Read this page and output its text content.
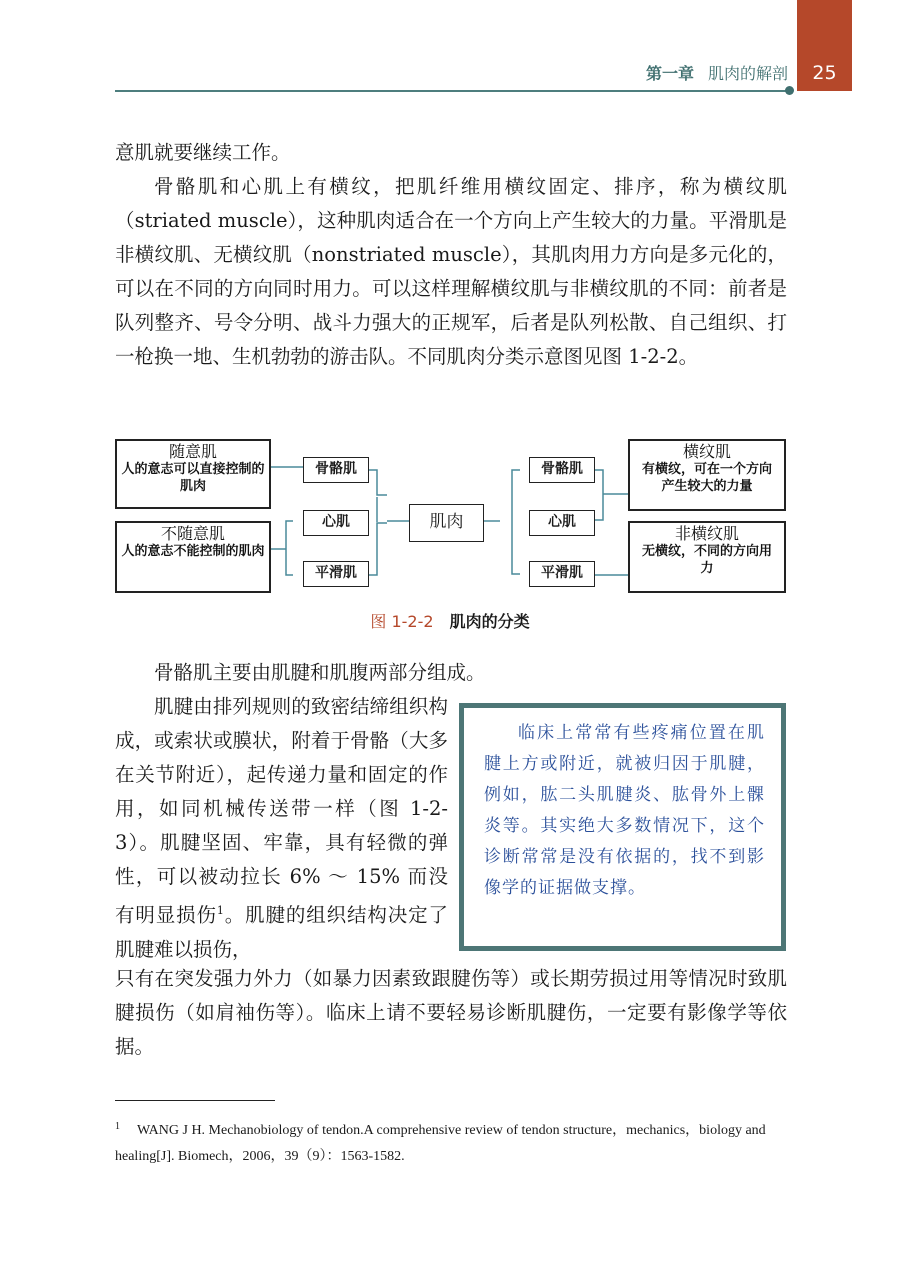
25
第一章 肌肉的解剖

意肌就要继续工作。

骨骼肌和心肌上有横纹，把肌纤维用横纹固定、排序，称为横纹肌（striated muscle），这种肌肉适合在一个方向上产生较大的力量。平滑肌是非横纹肌、无横纹肌（nonstriated muscle），其肌肉用力方向是多元化的，可以在不同的方向同时用力。可以这样理解横纹肌与非横纹肌的不同：前者是队列整齐、号令分明、战斗力强大的正规军，后者是队列松散、自己组织、打一枪换一地、生机勃勃的游击队。不同肌肉分类示意图见图 1-2-2。

随意肌
人的意志可以直接控制的肌肉
不随意肌
人的意志不能控制的肌肉
骨骼肌
心肌
平滑肌
肌肉
骨骼肌
心肌
平滑肌
横纹肌
有横纹，可在一个方向产生较大的力量
非横纹肌
无横纹，不同的方向用力
图 1-2-2 肌肉的分类

骨骼肌主要由肌腱和肌腹两部分组成。

肌腱由排列规则的致密结缔组织构成，或索状或膜状，附着于骨骼（大多在关节附近），起传递力量和固定的作用，如同机械传送带一样（图 1-2-3）。肌腱坚固、牢靠，具有轻微的弹性，可以被动拉长 6% ～ 15% 而没有明显损伤$^1$。肌腱的组织结构决定了肌腱难以损伤，

临床上常常有些疼痛位置在肌腱上方或附近，就被归因于肌腱，例如，肱二头肌腱炎、肱骨外上髁炎等。其实绝大多数情况下，这个诊断常常是没有依据的，找不到影像学的证据做支撑。

只有在突发强力外力（如暴力因素致跟腱伤等）或长期劳损过用等情况时致肌腱损伤（如肩袖伤等）。临床上请不要轻易诊断肌腱伤，一定要有影像学等依据。

1 WANG J H. Mechanobiology of tendon.A comprehensive review of tendon structure，mechanics，biology and healing[J]. Biomech，2006，39（9）：1563-1582.
